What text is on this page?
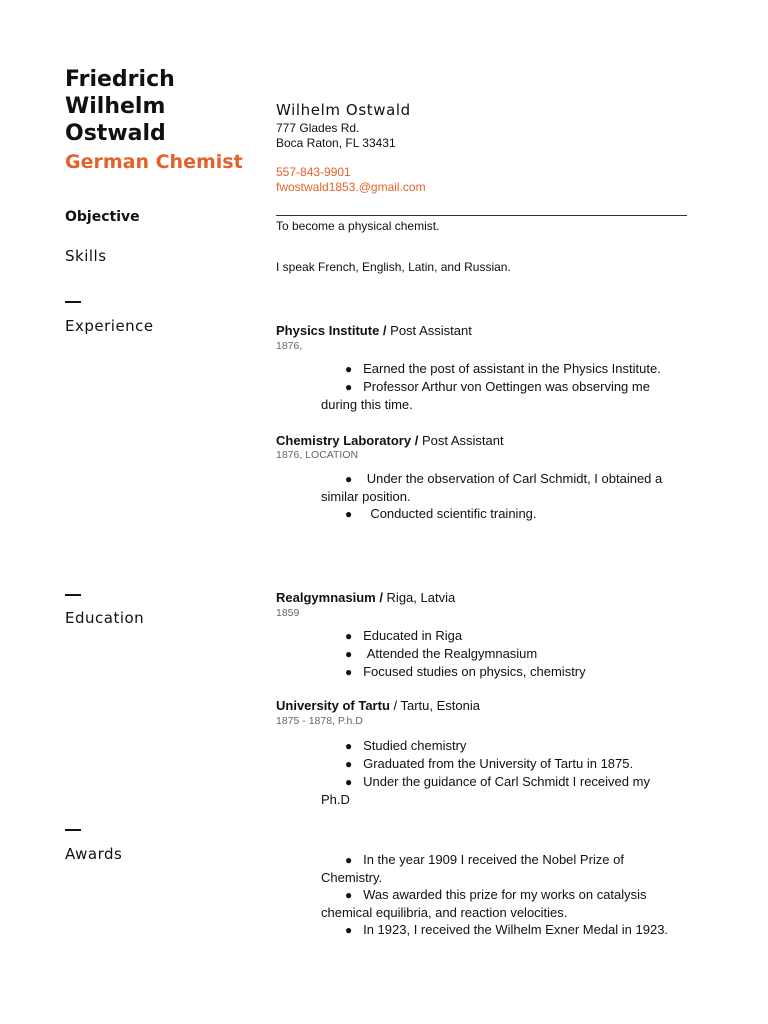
Friedrich
Wilhelm
Ostwald
German Chemist
Wilhelm Ostwald
777 Glades Rd.
Boca Raton, FL 33431
557-843-9901
fwostwald1853.@gmail.com
Objective
To become a physical chemist.
Skills
I speak French, English, Latin, and Russian.
Experience	Physics Institute / Post Assistant
1876,
● Earned the post of assistant in the Physics Institute.
● Professor Arthur von Oettingen was observing me
during this time.
Chemistry Laboratory / Post Assistant
1876, LOCATION
● Under the observation of Carl Schmidt, I obtained a
similar position.
● Conducted scientific training.
Education
Realgymnasium / Riga, Latvia
1859
● Educated in Riga
● Attended the Realgymnasium
● Focused studies on physics, chemistry
University of Tartu / Tartu, Estonia
1875 - 1878, P.h.D
● Studied chemistry
● Graduated from the University of Tartu in 1875.
● Under the guidance of Carl Schmidt I received my
Ph.D
Awards	● In the year 1909 I received the Nobel Prize of
Chemistry.
● Was awarded this prize for my works on catalysis
chemical equilibria, and reaction velocities.
● In 1923, I received the Wilhelm Exner Medal in 1923.
